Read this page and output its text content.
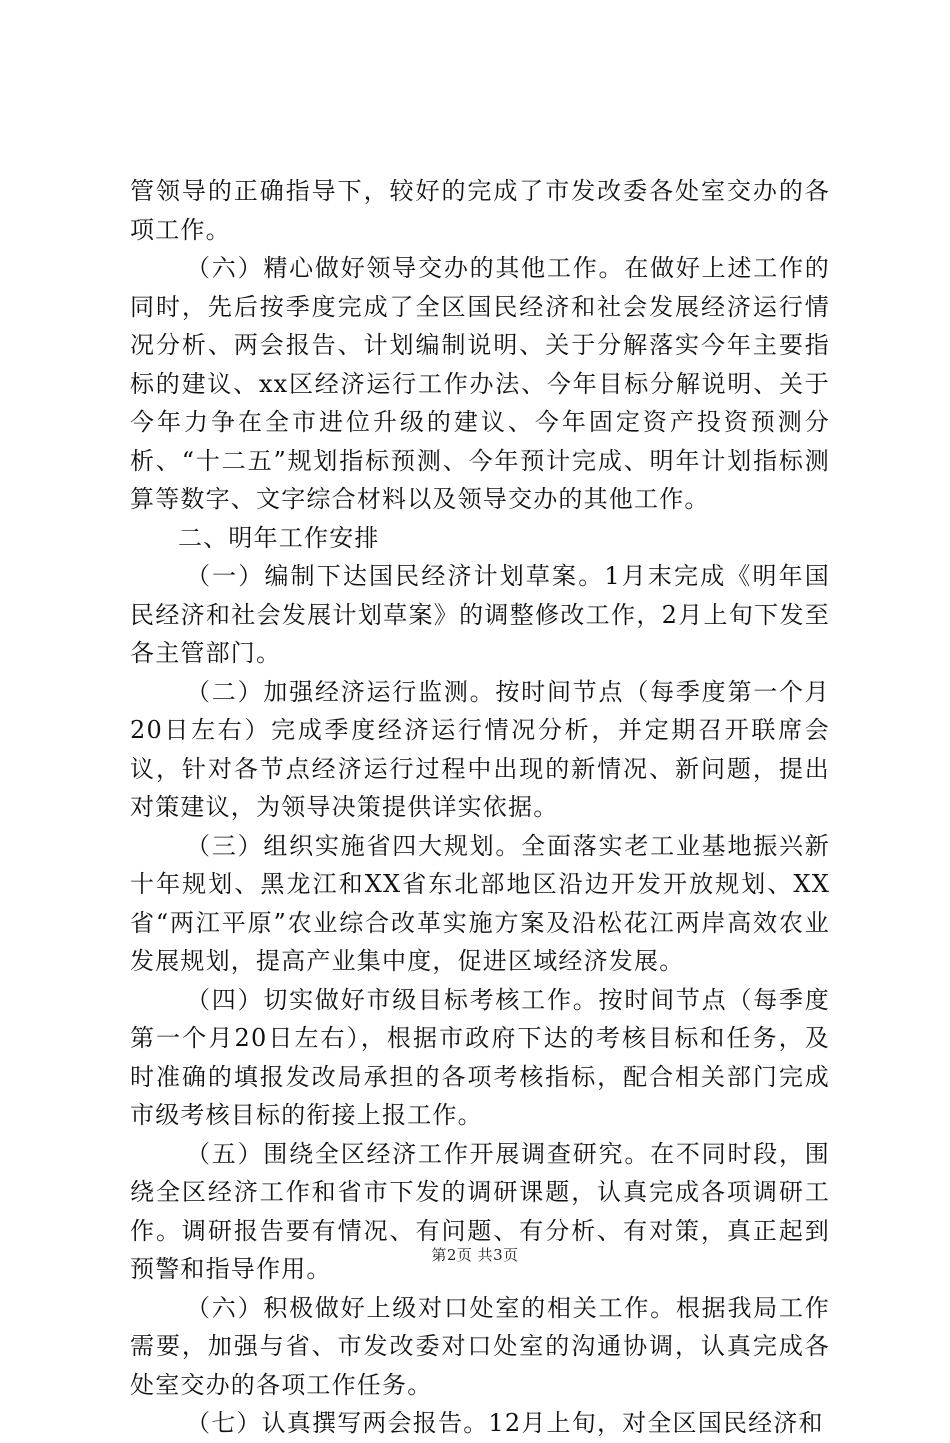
管领导的正确指导下，较好的完成了市发改委各处室交办的各项工作。

（六）精心做好领导交办的其他工作。在做好上述工作的同时，先后按季度完成了全区国民经济和社会发展经济运行情况分析、两会报告、计划编制说明、关于分解落实今年主要指标的建议、xx区经济运行工作办法、今年目标分解说明、关于今年力争在全市进位升级的建议、今年固定资产投资预测分析、“十二五”规划指标预测、今年预计完成、明年计划指标测算等数字、文字综合材料以及领导交办的其他工作。

二、明年工作安排

（一）编制下达国民经济计划草案。1月末完成《明年国民经济和社会发展计划草案》的调整修改工作，2月上旬下发至各主管部门。

（二）加强经济运行监测。按时间节点（每季度第一个月20日左右）完成季度经济运行情况分析，并定期召开联席会议，针对各节点经济运行过程中出现的新情况、新问题，提出对策建议，为领导决策提供详实依据。

（三）组织实施省四大规划。全面落实老工业基地振兴新十年规划、黑龙江和XX省东北部地区沿边开发开放规划、XX省“两江平原”农业综合改革实施方案及沿松花江两岸高效农业发展规划，提高产业集中度，促进区域经济发展。

（四）切实做好市级目标考核工作。按时间节点（每季度第一个月20日左右），根据市政府下达的考核目标和任务，及时准确的填报发改局承担的各项考核指标，配合相关部门完成市级考核目标的衔接上报工作。

（五）围绕全区经济工作开展调查研究。在不同时段，围绕全区经济工作和省市下发的调研课题，认真完成各项调研工作。调研报告要有情况、有问题、有分析、有对策，真正起到预警和指导作用。

（六）积极做好上级对口处室的相关工作。根据我局工作需要，加强与省、市发改委对口处室的沟通协调，认真完成各处室交办的各项工作任务。

（七）认真撰写两会报告。12月上旬，对全区国民经济和

第2页 共3页
